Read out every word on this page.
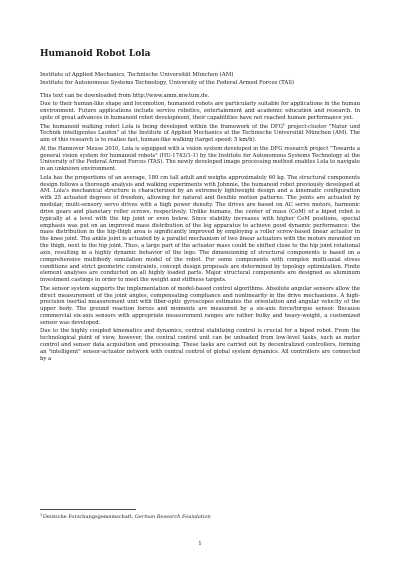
Humanoid Robot Lola
Institute of Applied Mechanics, Technische Universität München (AM)
Institute for Autonomous Systems Technology, University of the Federal Armed Forces (TAS)

This text can be downloaded from http://www.amm.mw.tum.de.

Due to their human-like shape and locomotion, humanoid robots are particularly suitable for applications in the human environment. Future applications include service robotics, entertainment and academic education and research. In spite of great advances in humanoid robot development, their capabilities have not reached human performance yet.

The humanoid walking robot Lola is being developed within the framework of the DFG$^1$ project-cluster "Natur und Technik intelligentes Laufen" at the Institute of Applied Mechanics at the Technische Universität München (AM). The aim of this research is to realize fast, human-like walking (target speed: 5 km/h).

At the Hannover Messe 2010, Lola is equipped with a vision system developed in the DFG research project "Towards a general vision system for humanoid robots" (HU-1743/1-1) by the Institute for Autonomous Systems Technology at the University of the Federal Armed Forces (TAS). The newly developed image processing method enables Lola to navigate in an unknown environment.

Lola has the proportions of an average, 180 cm tall adult and weighs approximately 60 kg. The structural components design follows a thorough analysis and walking experiments with Johnnie, the humanoid robot previously developed at AM. Lola's mechanical structure is characterized by an extremely lightweight design and a kinematic configuration with 25 actuated degrees of freedom, allowing for natural and flexible motion patterns. The joints are actuated by modular, multi-sensory servo drives with a high power density. The drives are based on AC servo motors, harmonic drive gears and planetary roller screws, respectively. Unlike humans, the center of mass (CoM) of a biped robot is typically at a level with the hip joint or even below. Since stability increases with higher CoM positions, special emphasis was put on an improved mass distribution of the leg apparatus to achieve good dynamic performance: the mass distribution in the hip-thigh area is significantly improved by employing a roller screw-based linear actuator in the knee joint. The ankle joint is actuated by a parallel mechanism of two linear actuators with the motors mounted on the thigh, next to the hip joint. Thus, a large part of the actuator mass could be shifted close to the hip joint rotational axis, resulting in a highly dynamic behavior of the legs. The dimensioning of structural components is based on a comprehensive multibody simulation model of the robot. For some components with complex multi-axial stress conditions and strict geometric constraints, concept design proposals are determined by topology optimization. Finite element analyses are conducted on all highly loaded parts. Major structural components are designed as aluminum investment castings in order to meet the weight and stiffness targets.

The sensor system supports the implementation of model-based control algorithms. Absolute angular sensors allow the direct measurement of the joint angles, compensating compliance and nonlinearity in the drive mechanisms. A high-precision inertial measurement unit with fiber-optic gyroscopes estimates the orientation and angular velocity of the upper body. The ground reaction forces and moments are measured by a six-axis force/torque sensor. Because commercial six-axis sensors with appropriate measurement ranges are rather bulky and heavy-weight, a customized sensor was developed.

Due to the highly coupled kinematics and dynamics, central stabilizing control is crucial for a biped robot. From the technological point of view, however, the central control unit can be unloaded from low-level tasks, such as motor control and sensor data acquisition and processing. These tasks are carried out by decentralized controllers, forming an "intelligent" sensor-actuator network with central control of global system dynamics. All controllers are connected by a

$^1$Deutsche Forschungsgemeinschaft, German Research Foundation
1
